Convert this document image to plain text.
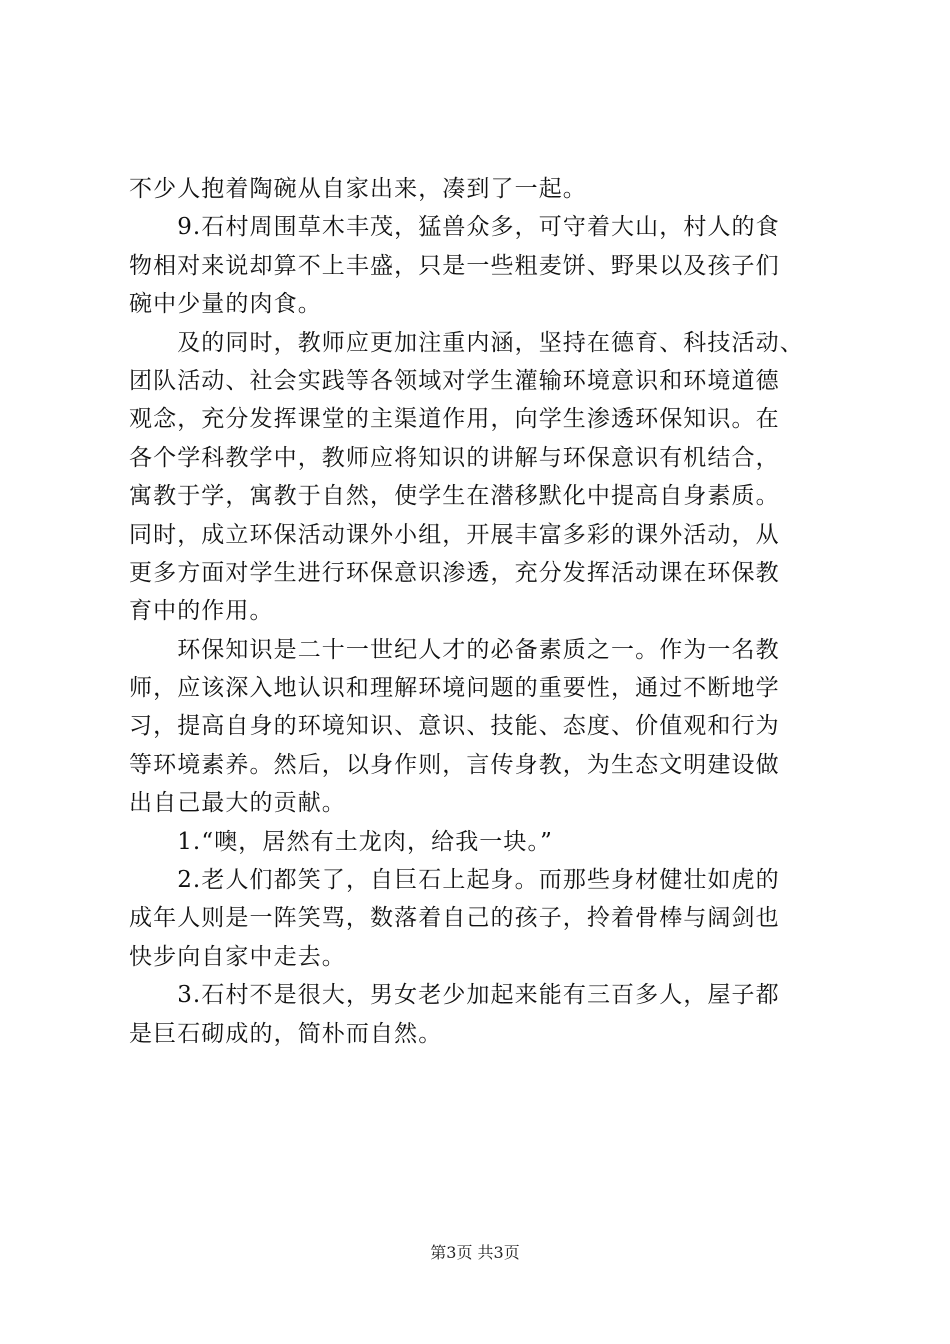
不少人抱着陶碗从自家出来，凑到了一起。
　　9.石村周围草木丰茂，猛兽众多，可守着大山，村人的食
物相对来说却算不上丰盛，只是一些粗麦饼、野果以及孩子们
碗中少量的肉食。
　　及的同时，教师应更加注重内涵，坚持在德育、科技活动、
团队活动、社会实践等各领域对学生灌输环境意识和环境道德
观念，充分发挥课堂的主渠道作用，向学生渗透环保知识。在
各个学科教学中，教师应将知识的讲解与环保意识有机结合，
寓教于学，寓教于自然，使学生在潜移默化中提高自身素质。
同时，成立环保活动课外小组，开展丰富多彩的课外活动，从
更多方面对学生进行环保意识渗透，充分发挥活动课在环保教
育中的作用。
　　环保知识是二十一世纪人才的必备素质之一。作为一名教
师，应该深入地认识和理解环境问题的重要性，通过不断地学
习，提高自身的环境知识、意识、技能、态度、价值观和行为
等环境素养。然后，以身作则，言传身教，为生态文明建设做
出自己最大的贡献。
　　1.“噢，居然有土龙肉，给我一块。”
　　2.老人们都笑了，自巨石上起身。而那些身材健壮如虎的
成年人则是一阵笑骂，数落着自己的孩子，拎着骨棒与阔剑也
快步向自家中走去。
　　3.石村不是很大，男女老少加起来能有三百多人，屋子都
是巨石砌成的，简朴而自然。
第3页 共3页
